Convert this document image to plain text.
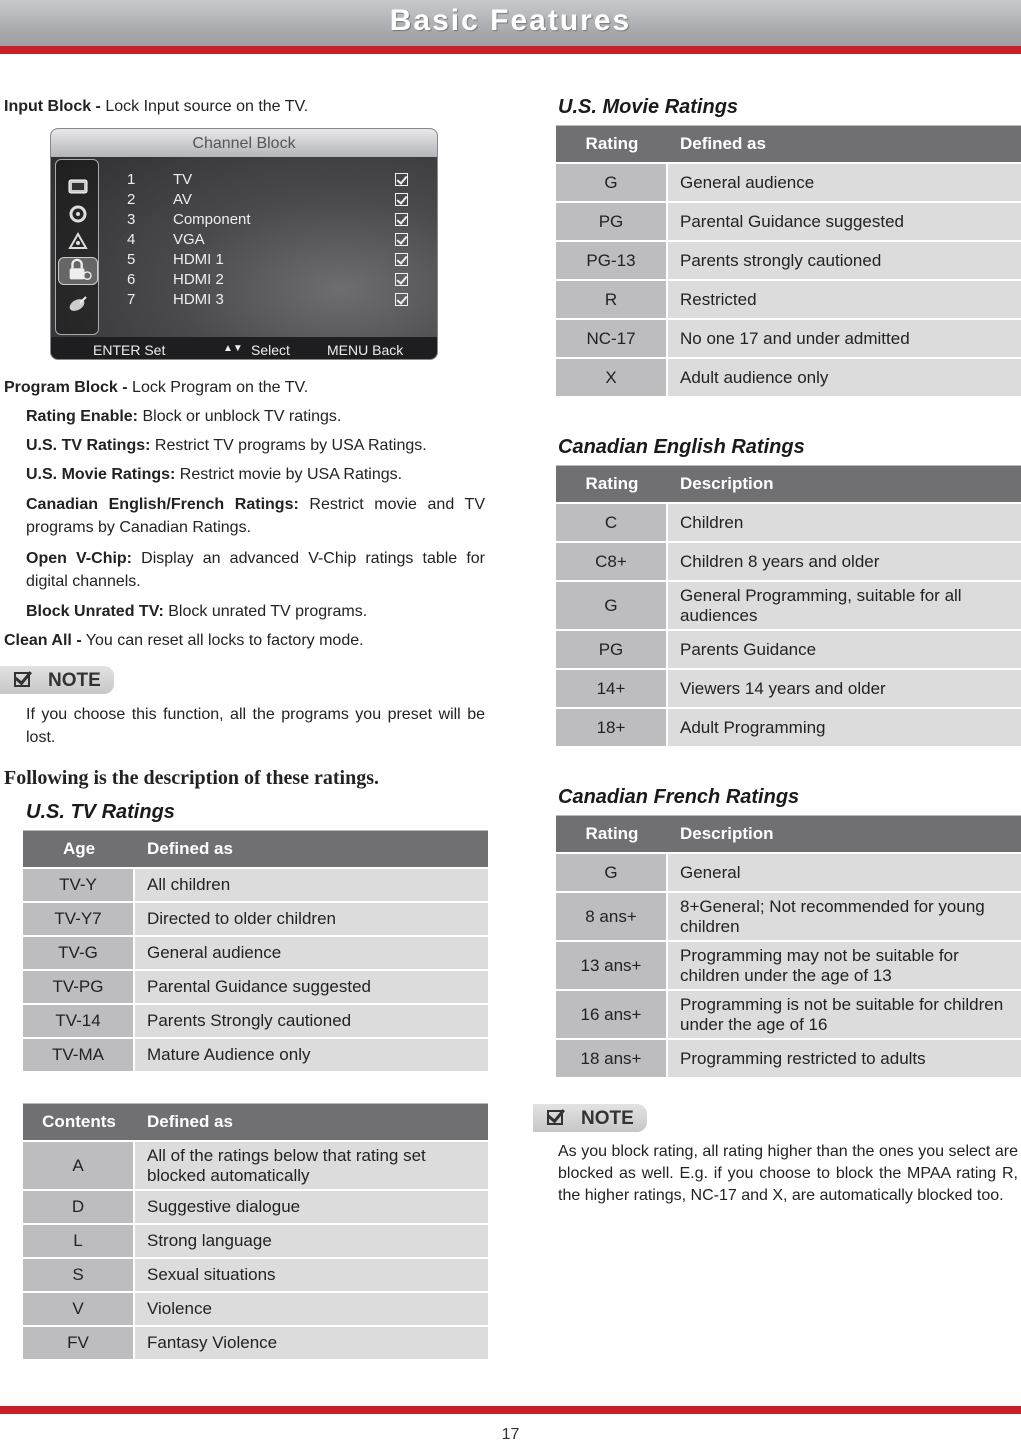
Basic Features
Input Block - Lock Input source on the TV.
Channel Block
1	TV
2	AV
3	Component
4	VGA
5	HDMI 1
6	HDMI 2
7	HDMI 3
ENTER Set	▲▼ Select	MENU Back
Program Block - Lock Program on the TV.
Rating Enable: Block or unblock TV ratings.
U.S. TV Ratings: Restrict TV programs by USA Ratings.
U.S. Movie Ratings: Restrict movie by USA Ratings.
Canadian English/French Ratings: Restrict movie and TV programs by Canadian Ratings.
Open V-Chip: Display an advanced V-Chip ratings table for digital channels.
Block Unrated TV: Block unrated TV programs.
Clean All - You can reset all locks to factory mode.
NOTE
If you choose this function, all the programs you preset will be lost.
Following is the description of these ratings.
U.S. TV Ratings
Age	Defined as
TV-Y	All children
TV-Y7	Directed to older children
TV-G	General audience
TV-PG	Parental Guidance suggested
TV-14	Parents Strongly cautioned
TV-MA	Mature Audience only
Contents	Defined as
A	All of the ratings below that rating set blocked automatically
D	Suggestive dialogue
L	Strong language
S	Sexual situations
V	Violence
FV	Fantasy Violence
U.S. Movie Ratings
Rating	Defined as
G	General audience
PG	Parental Guidance suggested
PG-13	Parents strongly cautioned
R	Restricted
NC-17	No one 17 and under admitted
X	Adult audience only
Canadian English Ratings
Rating	Description
C	Children
C8+	Children 8 years and older
G	General Programming, suitable for all audiences
PG	Parents Guidance
14+	Viewers 14 years and older
18+	Adult Programming
Canadian French Ratings
Rating	Description
G	General
8 ans+	8+General; Not recommended for young children
13 ans+	Programming may not be suitable for children under the age of 13
16 ans+	Programming is not be suitable for children under the age of 16
18 ans+	Programming restricted to adults
NOTE
As you block rating, all rating higher than the ones you select are blocked as well. E.g. if you choose to block the MPAA rating R, the higher ratings, NC-17 and X, are automatically blocked too.
17
